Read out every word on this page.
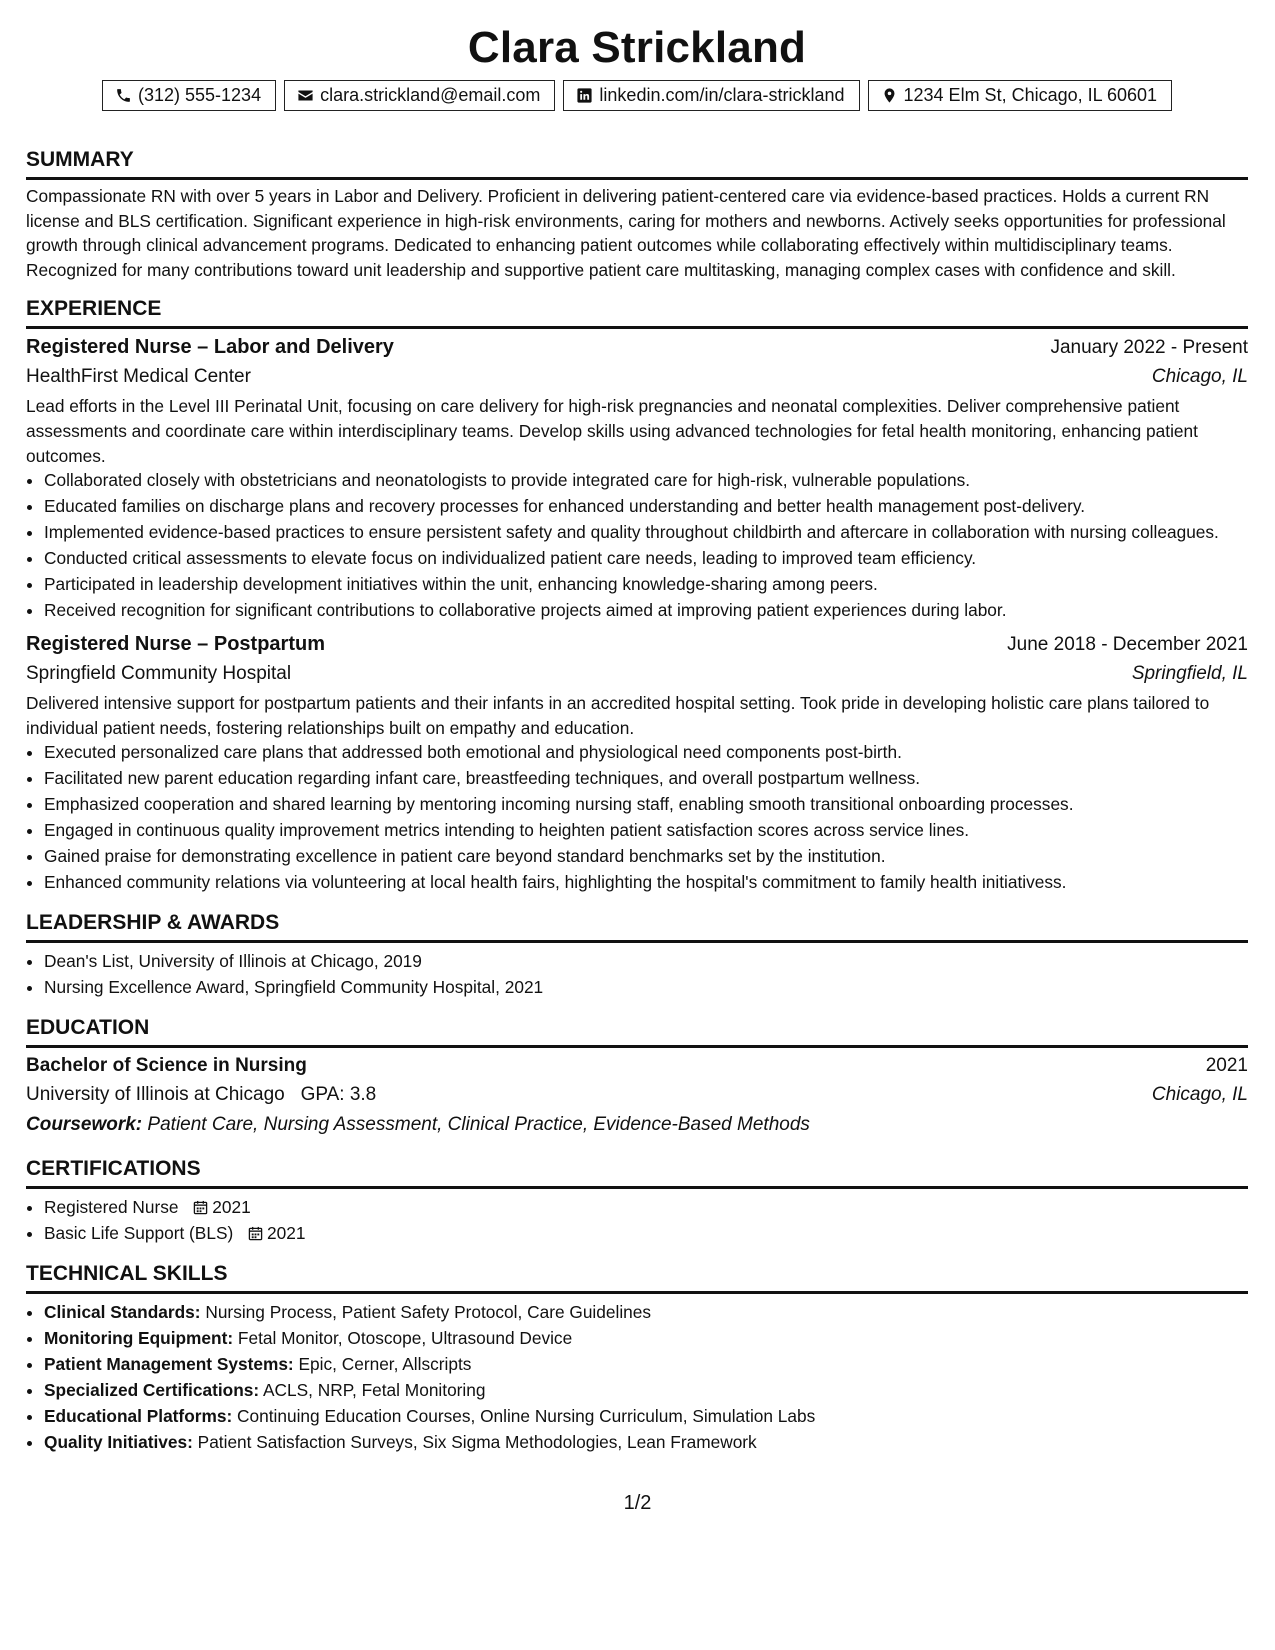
Clara Strickland
(312) 555-1234	clara.strickland@email.com	linkedin.com/in/clara-strickland	1234 Elm St, Chicago, IL 60601
SUMMARY

Compassionate RN with over 5 years in Labor and Delivery. Proficient in delivering patient-centered care via evidence-based practices. Holds a current RN license and BLS certification. Significant experience in high-risk environments, caring for mothers and newborns. Actively seeks opportunities for professional growth through clinical advancement programs. Dedicated to enhancing patient outcomes while collaborating effectively within multidisciplinary teams. Recognized for many contributions toward unit leadership and supportive patient care multitasking, managing complex cases with confidence and skill.

EXPERIENCE
Registered Nurse – Labor and Delivery	January 2022 - Present
HealthFirst Medical Center	Chicago, IL

Lead efforts in the Level III Perinatal Unit, focusing on care delivery for high-risk pregnancies and neonatal complexities. Deliver comprehensive patient assessments and coordinate care within interdisciplinary teams. Develop skills using advanced technologies for fetal health monitoring, enhancing patient outcomes.

• Collaborated closely with obstetricians and neonatologists to provide integrated care for high-risk, vulnerable populations.
• Educated families on discharge plans and recovery processes for enhanced understanding and better health management post-delivery.
• Implemented evidence-based practices to ensure persistent safety and quality throughout childbirth and aftercare in collaboration with nursing colleagues.
• Conducted critical assessments to elevate focus on individualized patient care needs, leading to improved team efficiency.
• Participated in leadership development initiatives within the unit, enhancing knowledge-sharing among peers.
• Received recognition for significant contributions to collaborative projects aimed at improving patient experiences during labor.
Registered Nurse – Postpartum	June 2018 - December 2021
Springfield Community Hospital	Springfield, IL

Delivered intensive support for postpartum patients and their infants in an accredited hospital setting. Took pride in developing holistic care plans tailored to individual patient needs, fostering relationships built on empathy and education.

• Executed personalized care plans that addressed both emotional and physiological need components post-birth.
• Facilitated new parent education regarding infant care, breastfeeding techniques, and overall postpartum wellness.
• Emphasized cooperation and shared learning by mentoring incoming nursing staff, enabling smooth transitional onboarding processes.
• Engaged in continuous quality improvement metrics intending to heighten patient satisfaction scores across service lines.
• Gained praise for demonstrating excellence in patient care beyond standard benchmarks set by the institution.
• Enhanced community relations via volunteering at local health fairs, highlighting the hospital's commitment to family health initiativess.
LEADERSHIP & AWARDS
• Dean's List, University of Illinois at Chicago, 2019
• Nursing Excellence Award, Springfield Community Hospital, 2021
EDUCATION
Bachelor of Science in Nursing	2021
University of Illinois at Chicago GPA: 3.8	Chicago, IL
Coursework: Patient Care, Nursing Assessment, Clinical Practice, Evidence-Based Methods
CERTIFICATIONS
• Registered Nurse 2021
• Basic Life Support (BLS) 2021
TECHNICAL SKILLS
• Clinical Standards: Nursing Process, Patient Safety Protocol, Care Guidelines
• Monitoring Equipment: Fetal Monitor, Otoscope, Ultrasound Device
• Patient Management Systems: Epic, Cerner, Allscripts
• Specialized Certifications: ACLS, NRP, Fetal Monitoring
• Educational Platforms: Continuing Education Courses, Online Nursing Curriculum, Simulation Labs
• Quality Initiatives: Patient Satisfaction Surveys, Six Sigma Methodologies, Lean Framework
1/2
